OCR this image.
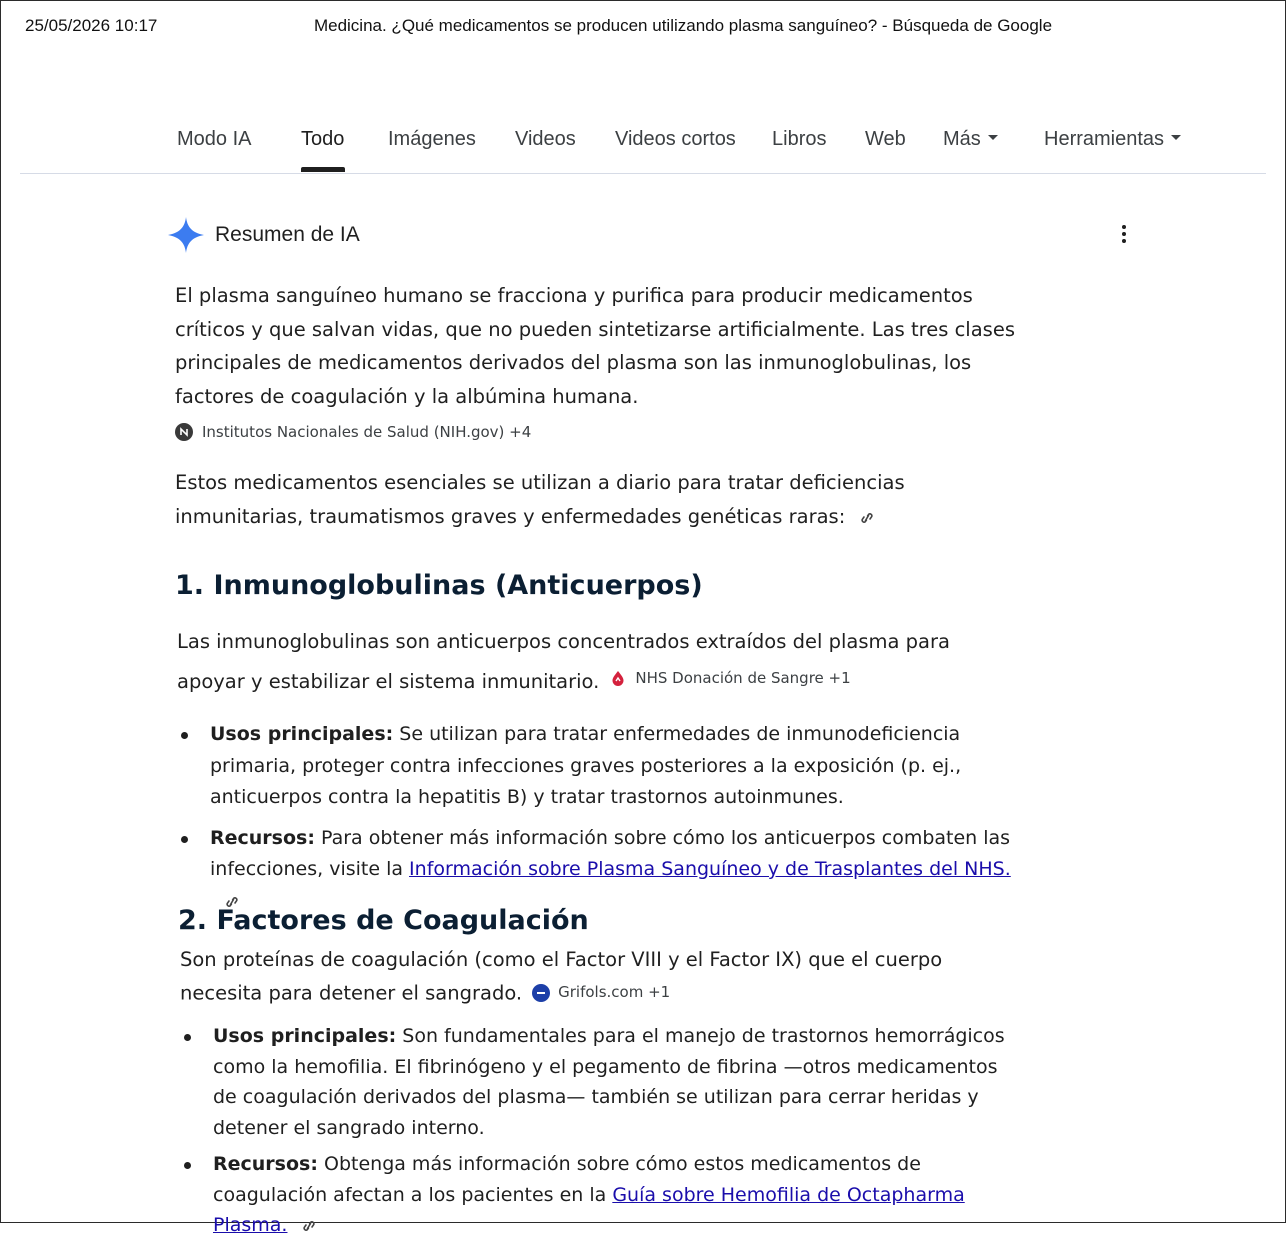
25/05/2026 10:17	Medicina. ¿Qué medicamentos se producen utilizando plasma sanguíneo? - Búsqueda de Google
Modo IA Todo Imágenes Videos Videos cortos Libros Web Más	Herramientas
Resumen de IA

El plasma sanguíneo humano se fracciona y purifica para producir medicamentos críticos y que salvan vidas, que no pueden sintetizarse artificialmente. Las tres clases principales de medicamentos derivados del plasma son las inmunoglobulinas, los factores de coagulación y la albúmina humana.

Institutos Nacionales de Salud (NIH.gov) +4

Estos medicamentos esenciales se utilizan a diario para tratar deficiencias inmunitarias, traumatismos graves y enfermedades genéticas raras:

1. Inmunoglobulinas (Anticuerpos)

Las inmunoglobulinas son anticuerpos concentrados extraídos del plasma para apoyar y estabilizar el sistema inmunitario. NHS Donación de Sangre +1

Usos principales: Se utilizan para tratar enfermedades de inmunodeficiencia primaria, proteger contra infecciones graves posteriores a la exposición (p. ej., anticuerpos contra la hepatitis B) y tratar trastornos autoinmunes.
Recursos: Para obtener más información sobre cómo los anticuerpos combaten las infecciones, visite la Información sobre Plasma Sanguíneo y de Trasplantes del NHS.
2. Factores de Coagulación

Son proteínas de coagulación (como el Factor VIII y el Factor IX) que el cuerpo necesita para detener el sangrado. Grifols.com +1

Usos principales: Son fundamentales para el manejo de trastornos hemorrágicos como la hemofilia. El fibrinógeno y el pegamento de fibrina —otros medicamentos de coagulación derivados del plasma— también se utilizan para cerrar heridas y detener el sangrado interno.
Recursos: Obtenga más información sobre cómo estos medicamentos de coagulación afectan a los pacientes en la Guía sobre Hemofilia de Octapharma Plasma.
